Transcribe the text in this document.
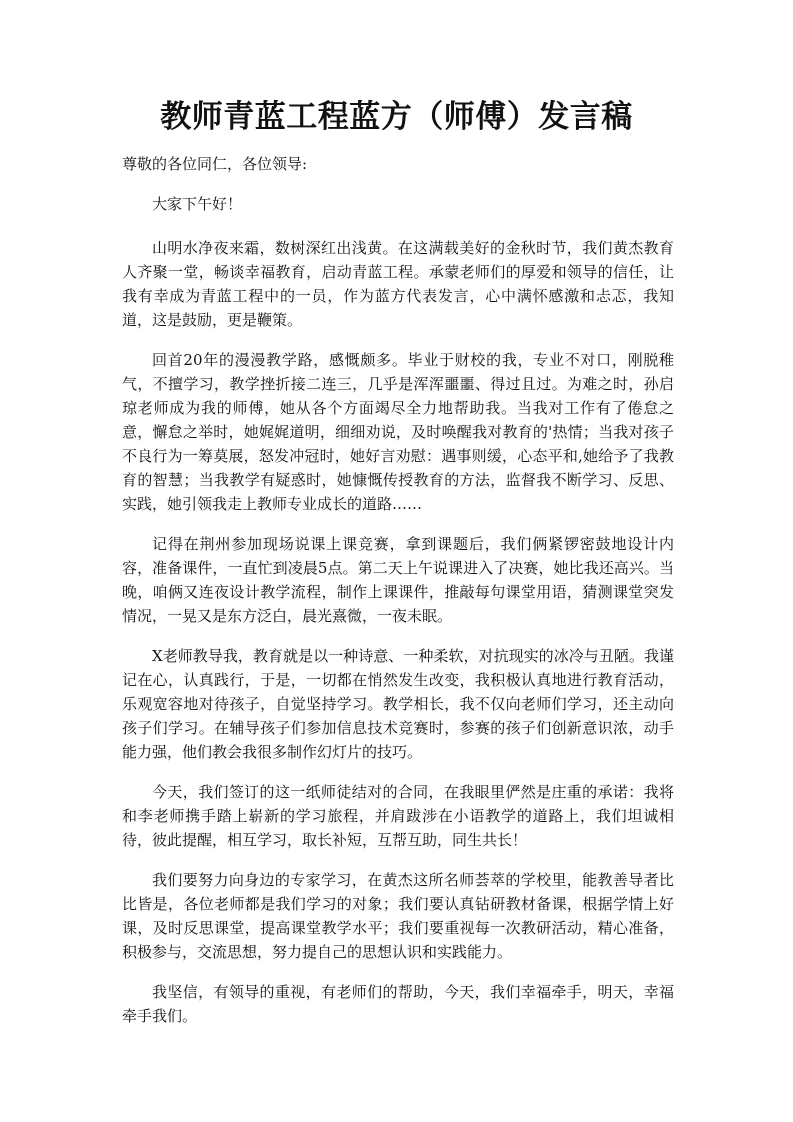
教师青蓝工程蓝方（师傅）发言稿

尊敬的各位同仁，各位领导:

大家下午好！

山明水净夜来霜，数树深红出浅黄。在这满载美好的金秋时节，我们黄杰教育人齐聚一堂，畅谈幸福教育，启动青蓝工程。承蒙老师们的厚爱和领导的信任，让我有幸成为青蓝工程中的一员，作为蓝方代表发言，心中满怀感激和忐忑，我知道，这是鼓励，更是鞭策。

回首20年的漫漫教学路，感慨颇多。毕业于财校的我，专业不对口，刚脱稚气，不擅学习，教学挫折接二连三，几乎是浑浑噩噩、得过且过。为难之时，孙启琼老师成为我的师傅，她从各个方面竭尽全力地帮助我。当我对工作有了倦怠之意，懈怠之举时，她娓娓道明，细细劝说，及时唤醒我对教育的'热情；当我对孩子不良行为一筹莫展，怒发冲冠时，她好言劝慰：遇事则缓，心态平和,她给予了我教育的智慧；当我教学有疑惑时，她慷慨传授教育的方法，监督我不断学习、反思、实践，她引领我走上教师专业成长的道路……

记得在荆州参加现场说课上课竞赛，拿到课题后，我们俩紧锣密鼓地设计内容，准备课件，一直忙到凌晨5点。第二天上午说课进入了决赛，她比我还高兴。当晚，咱俩又连夜设计教学流程，制作上课课件，推敲每句课堂用语，猜测课堂突发情况，一晃又是东方泛白，晨光熹微，一夜未眠。

X老师教导我，教育就是以一种诗意、一种柔软，对抗现实的冰冷与丑陋。我谨记在心，认真践行，于是，一切都在悄然发生改变，我积极认真地进行教育活动，乐观宽容地对待孩子，自觉坚持学习。教学相长，我不仅向老师们学习，还主动向孩子们学习。在辅导孩子们参加信息技术竞赛时，参赛的孩子们创新意识浓，动手能力强，他们教会我很多制作幻灯片的技巧。

今天，我们签订的这一纸师徒结对的合同，在我眼里俨然是庄重的承诺：我将和李老师携手踏上崭新的学习旅程，并肩跋涉在小语教学的道路上，我们坦诚相待，彼此提醒，相互学习，取长补短，互帮互助，同生共长！

我们要努力向身边的专家学习，在黄杰这所名师荟萃的学校里，能教善导者比比皆是，各位老师都是我们学习的对象；我们要认真钻研教材备课，根据学情上好课，及时反思课堂，提高课堂教学水平；我们要重视每一次教研活动，精心准备，积极参与，交流思想，努力提自己的思想认识和实践能力。

我坚信，有领导的重视，有老师们的帮助，今天，我们幸福牵手，明天，幸福牵手我们。
